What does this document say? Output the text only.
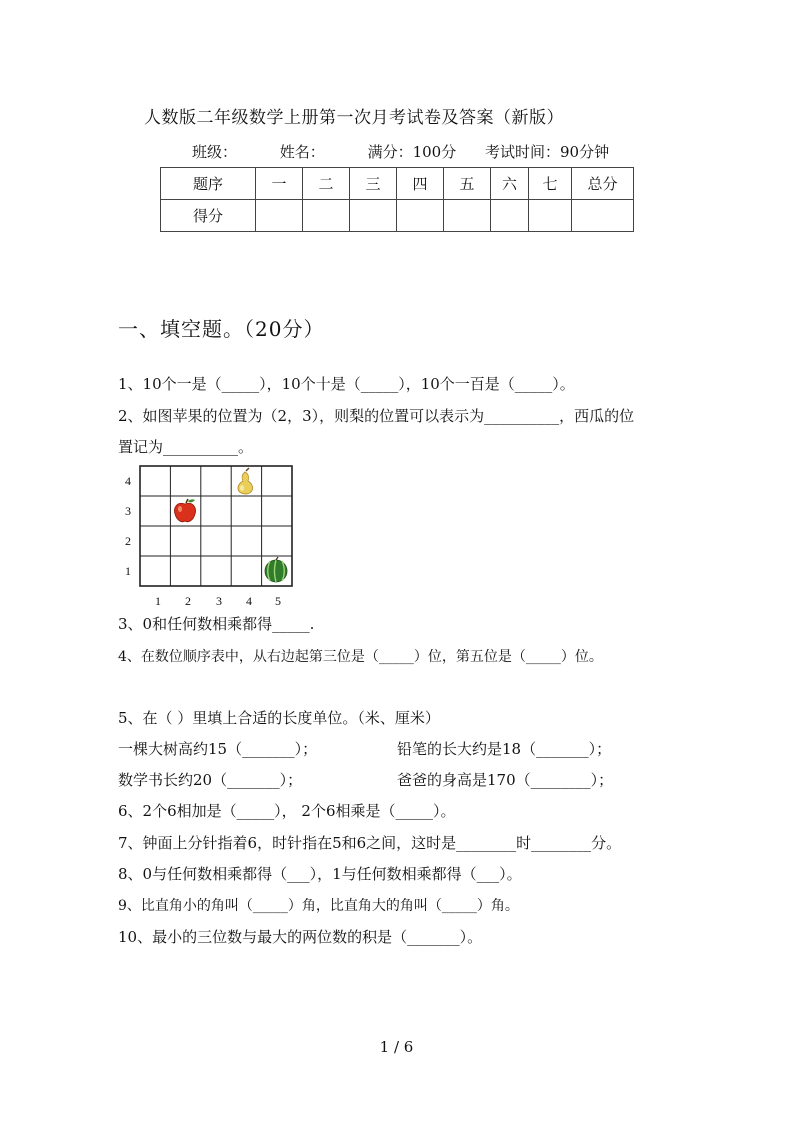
人数版二年级数学上册第一次月考试卷及答案（新版）
班级：	姓名：	满分：100分 考试时间：90分钟
题序	一	二	三	四	五	六	七	总分
得分								
一、填空题。（20分）
1、10个一是（_____），10个十是（_____），10个一百是（_____）。
2、如图苹果的位置为（2，3），则梨的位置可以表示为__________，西瓜的位
置记为__________。
4
3
2
1
1 2 3 4 5
3、0和任何数相乘都得_____.
4、在数位顺序表中，从右边起第三位是（_____）位，第五位是（_____）位。
5、在（ ）里填上合适的长度单位。（米、厘米）
一棵大树高约15（_______）；	铅笔的长大约是18（_______）；
数学书长约20（_______）；	爸爸的身高是170（________）；
6、2个6相加是（_____）， 2个6相乘是（_____）。
7、钟面上分针指着6，时针指在5和6之间，这时是________时________分。
8、0与任何数相乘都得（___），1与任何数相乘都得（___）。
9、比直角小的角叫（_____）角，比直角大的角叫（_____）角。
10、最小的三位数与最大的两位数的积是（_______）。
1 / 6
